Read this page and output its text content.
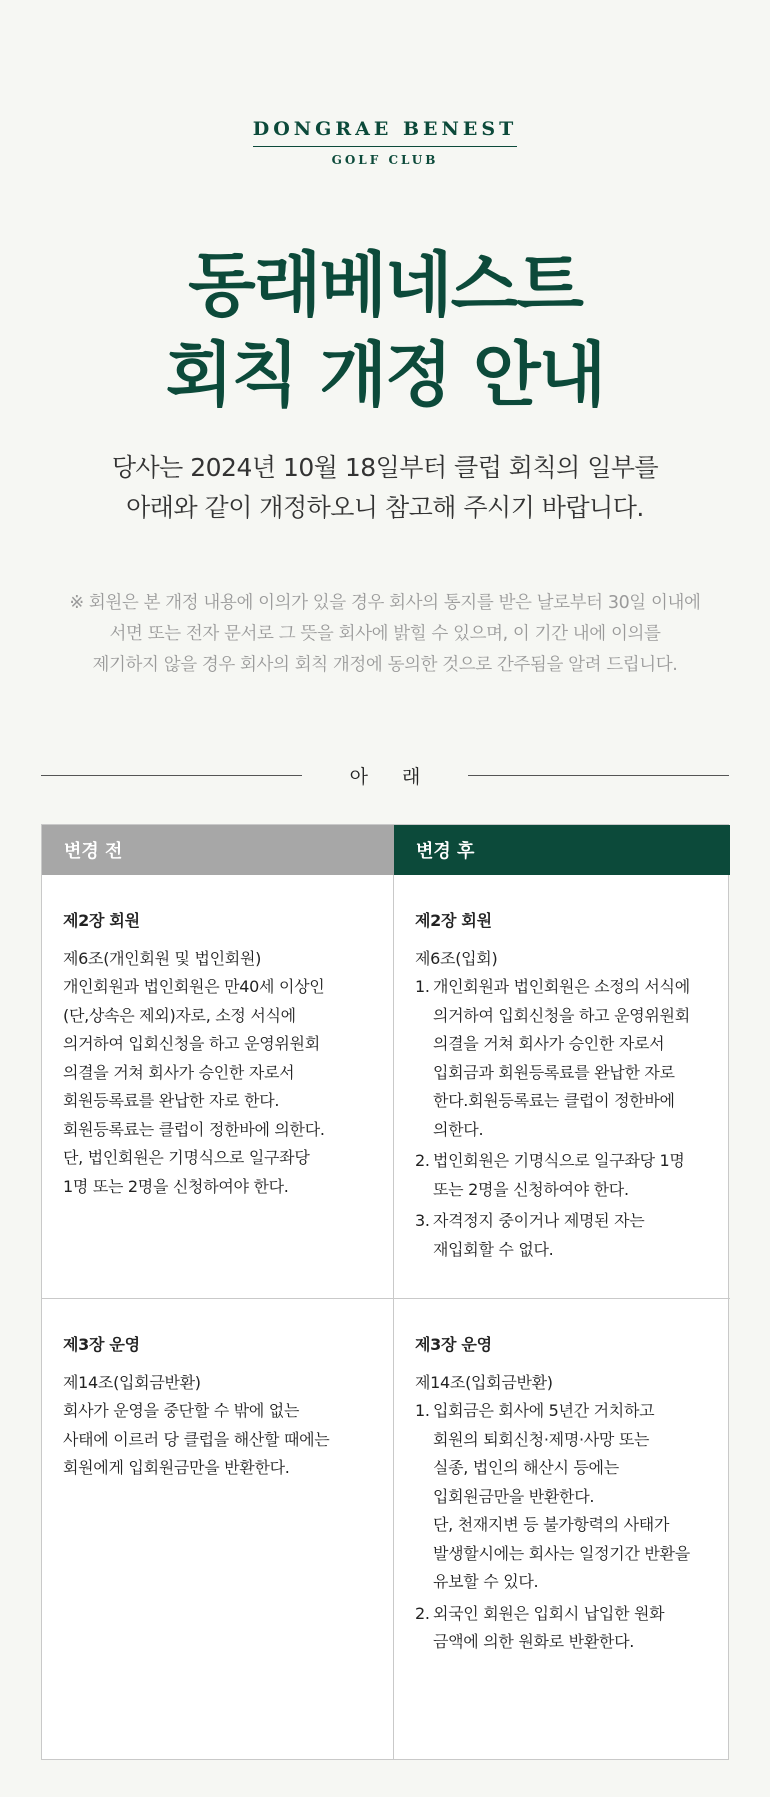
DONGRAE BENEST
GOLF CLUB
동래베네스트
회칙 개정 안내
당사는 2024년 10월 18일부터 클럽 회칙의 일부를
아래와 같이 개정하오니 참고해 주시기 바랍니다.
※ 회원은 본 개정 내용에 이의가 있을 경우 회사의 통지를 받은 날로부터 30일 이내에
서면 또는 전자 문서로 그 뜻을 회사에 밝힐 수 있으며, 이 기간 내에 이의를
제기하지 않을 경우 회사의 회칙 개정에 동의한 것으로 간주됨을 알려 드립니다.
아 래
변경 전	변경 후
제2장 회원
제6조(개인회원 및 법인회원)
개인회원과 법인회원은 만40세 이상인
(단,상속은 제외)자로, 소정 서식에
의거하여 입회신청을 하고 운영위원회
의결을 거쳐 회사가 승인한 자로서
회원등록료를 완납한 자로 한다.
회원등록료는 클럽이 정한바에 의한다.
단, 법인회원은 기명식으로 일구좌당
1명 또는 2명을 신청하여야 한다.
제2장 회원
제6조(입회)
1. 개인회원과 법인회원은 소정의 서식에
의거하여 입회신청을 하고 운영위원회
의결을 거쳐 회사가 승인한 자로서
입회금과 회원등록료를 완납한 자로
한다.회원등록료는 클럽이 정한바에
의한다.
2. 법인회원은 기명식으로 일구좌당 1명
또는 2명을 신청하여야 한다.
3. 자격정지 중이거나 제명된 자는
재입회할 수 없다.
제3장 운영
제14조(입회금반환)
회사가 운영을 중단할 수 밖에 없는
사태에 이르러 당 클럽을 해산할 때에는
회원에게 입회원금만을 반환한다.
제3장 운영
제14조(입회금반환)
1. 입회금은 회사에 5년간 거치하고
회원의 퇴회신청·제명·사망 또는
실종, 법인의 해산시 등에는
입회원금만을 반환한다.
단, 천재지변 등 불가항력의 사태가
발생할시에는 회사는 일정기간 반환을
유보할 수 있다.
2. 외국인 회원은 입회시 납입한 원화
금액에 의한 원화로 반환한다.
